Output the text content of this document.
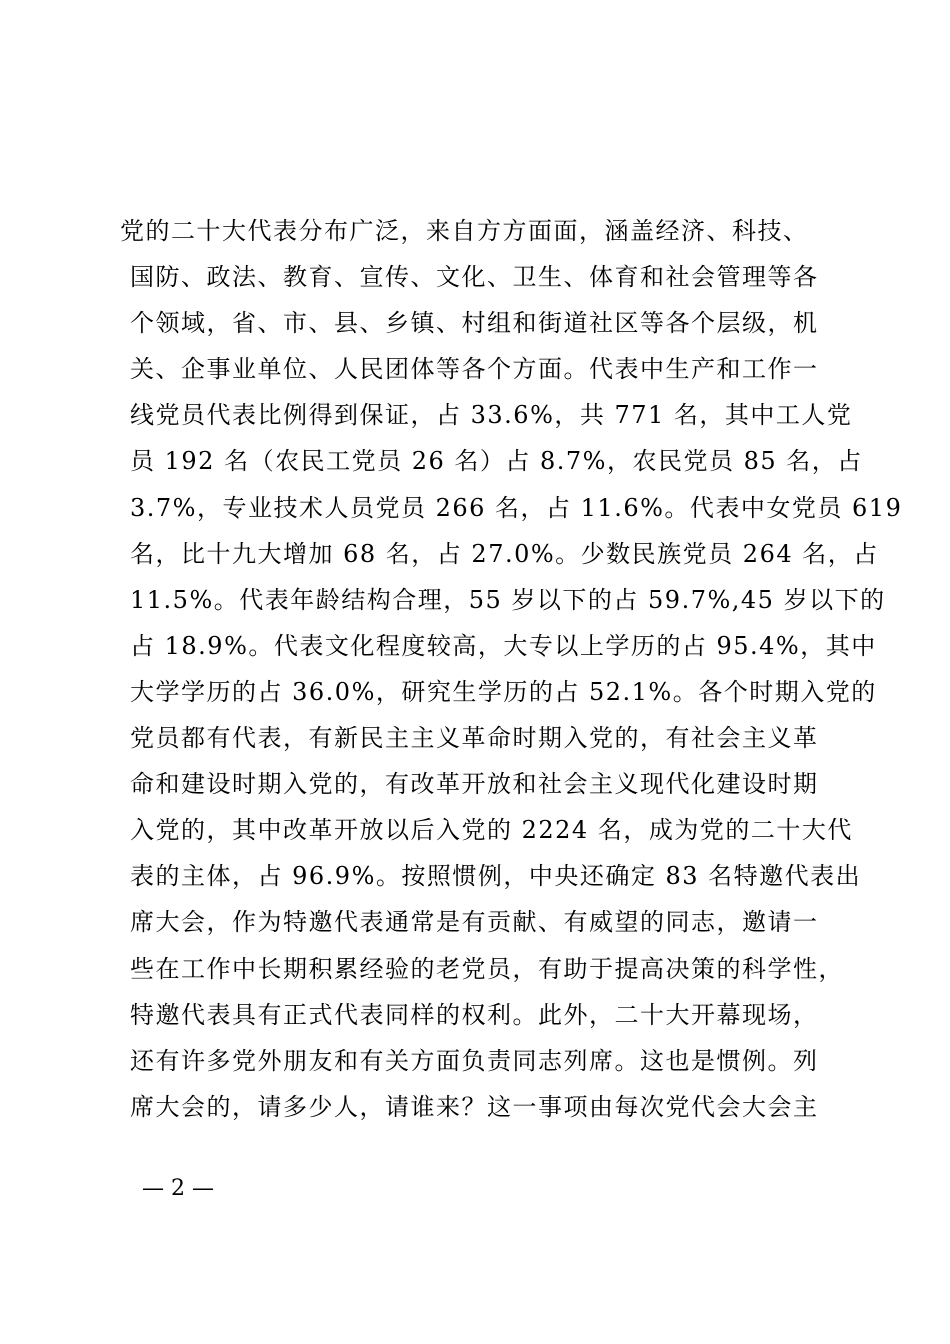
党的二十大代表分布广泛，来自方方面面，涵盖经济、科技、
国防、政法、教育、宣传、文化、卫生、体育和社会管理等各
个领域，省、市、县、乡镇、村组和街道社区等各个层级，机
关、企事业单位、人民团体等各个方面。代表中生产和工作一
线党员代表比例得到保证，占 33.6%，共 771 名，其中工人党
员 192 名（农民工党员 26 名）占 8.7%，农民党员 85 名，占
3.7%，专业技术人员党员 266 名，占 11.6%。代表中女党员 619
名，比十九大增加 68 名，占 27.0%。少数民族党员 264 名，占
11.5%。代表年龄结构合理，55 岁以下的占 59.7%,45 岁以下的
占 18.9%。代表文化程度较高，大专以上学历的占 95.4%，其中
大学学历的占 36.0%，研究生学历的占 52.1%。各个时期入党的
党员都有代表，有新民主主义革命时期入党的，有社会主义革
命和建设时期入党的，有改革开放和社会主义现代化建设时期
入党的，其中改革开放以后入党的 2224 名，成为党的二十大代
表的主体，占 96.9%。按照惯例，中央还确定 83 名特邀代表出
席大会，作为特邀代表通常是有贡献、有威望的同志，邀请一
些在工作中长期积累经验的老党员，有助于提高决策的科学性，
特邀代表具有正式代表同样的权利。此外，二十大开幕现场，
还有许多党外朋友和有关方面负责同志列席。这也是惯例。列
席大会的，请多少人，请谁来？这一事项由每次党代会大会主
— 2 —
